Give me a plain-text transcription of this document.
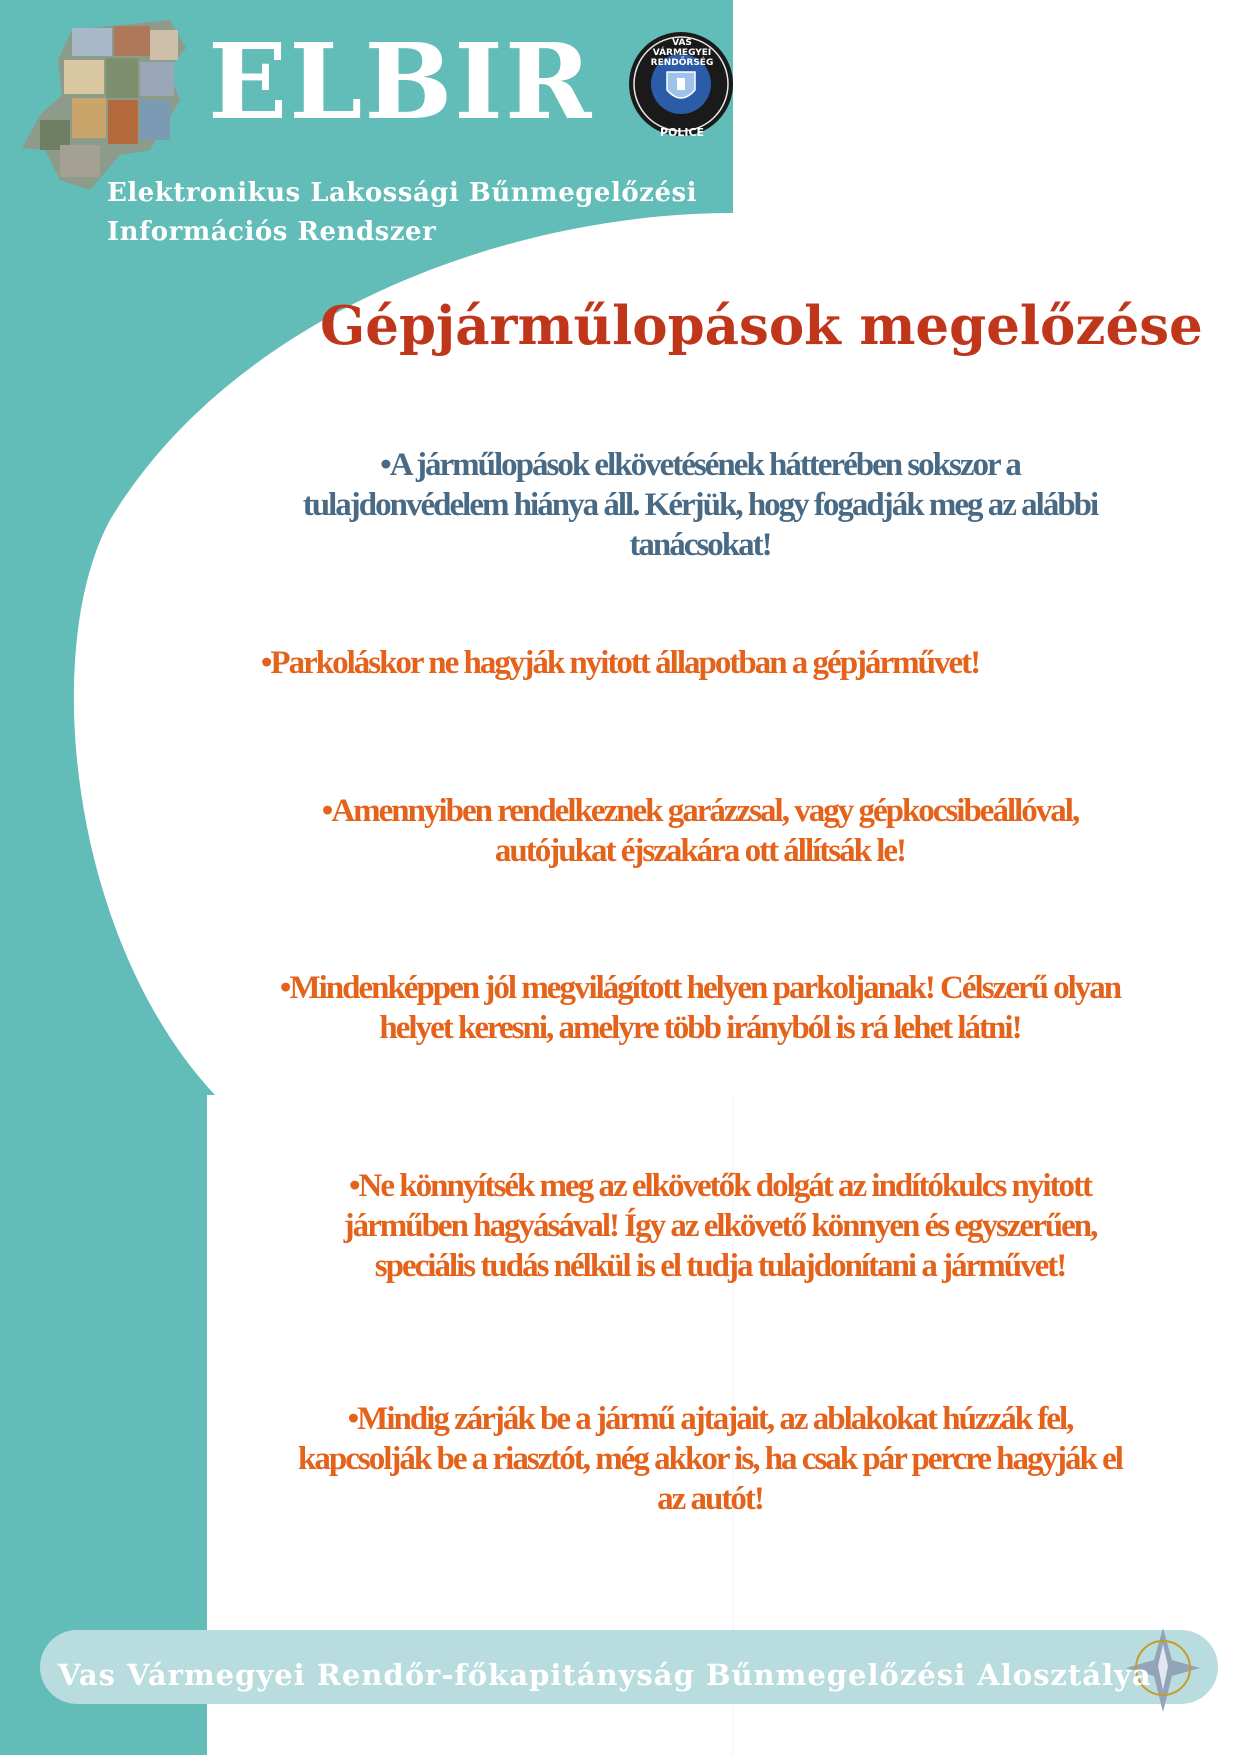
ELBIR	VAS VÁRMEGYEI RENDŐRSÉG
POLICE
Elektronikus Lakossági Bűnmegelőzési
Információs Rendszer
Gépjárműlopások megelőzése
•A járműlopások elkövetésének hátterében sokszor a
tulajdonvédelem hiánya áll. Kérjük, hogy fogadják meg az alábbi
tanácsokat!
•Parkoláskor ne hagyják nyitott állapotban a gépjárművet!
•Amennyiben rendelkeznek garázzsal, vagy gépkocsibeállóval,
autójukat éjszakára ott állítsák le!
•Mindenképpen jól megvilágított helyen parkoljanak! Célszerű olyan
helyet keresni, amelyre több irányból is rá lehet látni!
•Ne könnyítsék meg az elkövetők dolgát az indítókulcs nyitott
járműben hagyásával! Így az elkövető könnyen és egyszerűen,
speciális tudás nélkül is el tudja tulajdonítani a járművet!
•Mindig zárják be a jármű ajtajait, az ablakokat húzzák fel,
kapcsolják be a riasztót, még akkor is, ha csak pár percre hagyják el
az autót!
Vas Vármegyei Rendőr-főkapitányság Bűnmegelőzési Alosztálya
